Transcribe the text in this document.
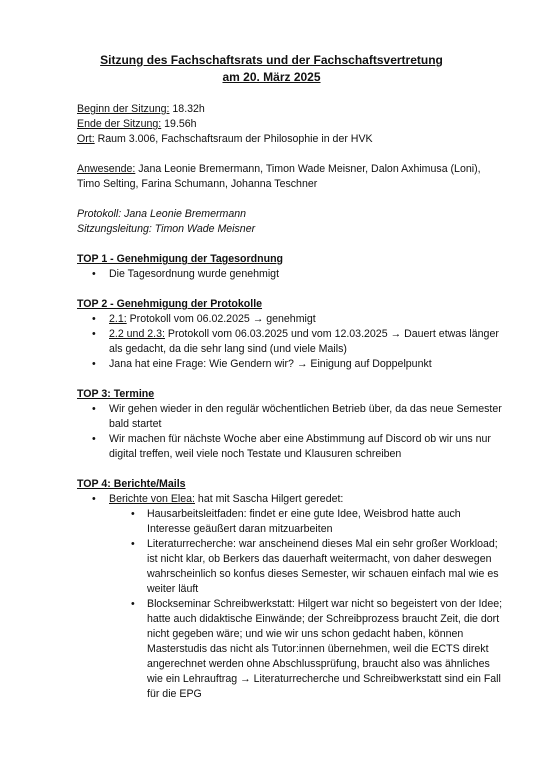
Sitzung des Fachschaftsrats und der Fachschaftsvertretung
am 20. März 2025
Beginn der Sitzung: 18.32h
Ende der Sitzung: 19.56h
Ort: Raum 3.006, Fachschaftsraum der Philosophie in der HVK
Anwesende: Jana Leonie Bremermann, Timon Wade Meisner, Dalon Axhimusa (Loni), Timo Selting, Farina Schumann, Johanna Teschner
Protokoll: Jana Leonie Bremermann
Sitzungsleitung: Timon Wade Meisner
TOP 1 - Genehmigung der Tagesordnung
• Die Tagesordnung wurde genehmigt
TOP 2 - Genehmigung der Protokolle
• 2.1: Protokoll vom 06.02.2025 → genehmigt
• 2.2 und 2.3: Protokoll vom 06.03.2025 und vom 12.03.2025 → Dauert etwas länger als gedacht, da die sehr lang sind (und viele Mails)
• Jana hat eine Frage: Wie Gendern wir? → Einigung auf Doppelpunkt
TOP 3: Termine
• Wir gehen wieder in den regulär wöchentlichen Betrieb über, da das neue Semester bald startet
• Wir machen für nächste Woche aber eine Abstimmung auf Discord ob wir uns nur digital treffen, weil viele noch Testate und Klausuren schreiben
TOP 4: Berichte/Mails
• Berichte von Elea: hat mit Sascha Hilgert geredet:
• Hausarbeitsleitfaden: findet er eine gute Idee, Weisbrod hatte auch Interesse geäußert daran mitzuarbeiten
• Literaturrecherche: war anscheinend dieses Mal ein sehr großer Workload; ist nicht klar, ob Berkers das dauerhaft weitermacht, von daher deswegen wahrscheinlich so konfus dieses Semester, wir schauen einfach mal wie es weiter läuft
• Blockseminar Schreibwerkstatt: Hilgert war nicht so begeistert von der Idee; hatte auch didaktische Einwände; der Schreibprozess braucht Zeit, die dort nicht gegeben wäre; und wie wir uns schon gedacht haben, können Masterstudis das nicht als Tutor:innen übernehmen, weil die ECTS direkt angerechnet werden ohne Abschlussprüfung, braucht also was ähnliches wie ein Lehrauftrag → Literaturrecherche und Schreibwerkstatt sind ein Fall für die EPG
